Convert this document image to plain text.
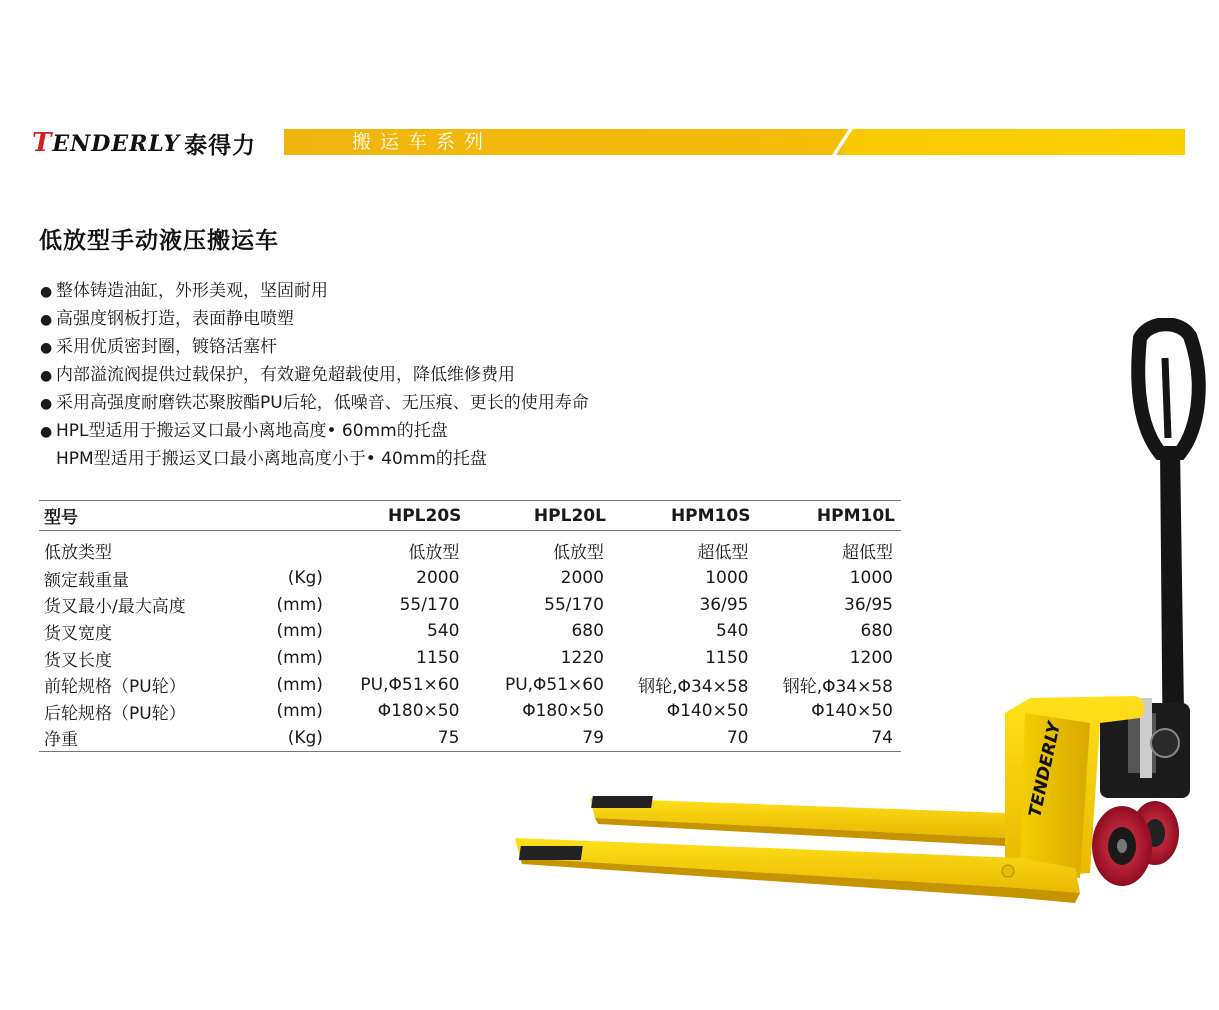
TENDERLY 泰得力	搬运车系列
低放型手动液压搬运车
● 整体铸造油缸，外形美观，坚固耐用
● 高强度钢板打造，表面静电喷塑
● 采用优质密封圈，镀铬活塞杆
● 内部溢流阀提供过载保护，有效避免超载使用，降低维修费用
● 采用高强度耐磨铁芯聚胺酯PU后轮，低噪音、无压痕、更长的使用寿命
● HPL型适用于搬运叉口最小离地高度• 60mm的托盘
HPM型适用于搬运叉口最小离地高度小于• 40mm的托盘
型号		HPL20S	HPL20L	HPM10S	HPM10L
低放类型		低放型	低放型	超低型	超低型
额定载重量	(Kg)	2000	2000	1000	1000
货叉最小/最大高度	(mm)	55/170	55/170	36/95	36/95
货叉宽度	(mm)	540	680	540	680
货叉长度	(mm)	1150	1220	1150	1200
前轮规格（PU轮）	(mm)	PU,Φ51×60	PU,Φ51×60	钢轮,Φ34×58	钢轮,Φ34×58
后轮规格（PU轮）	(mm)	Φ180×50	Φ180×50	Φ140×50	Φ140×50
净重	(Kg)	75	79	70	74	TENDERLY
